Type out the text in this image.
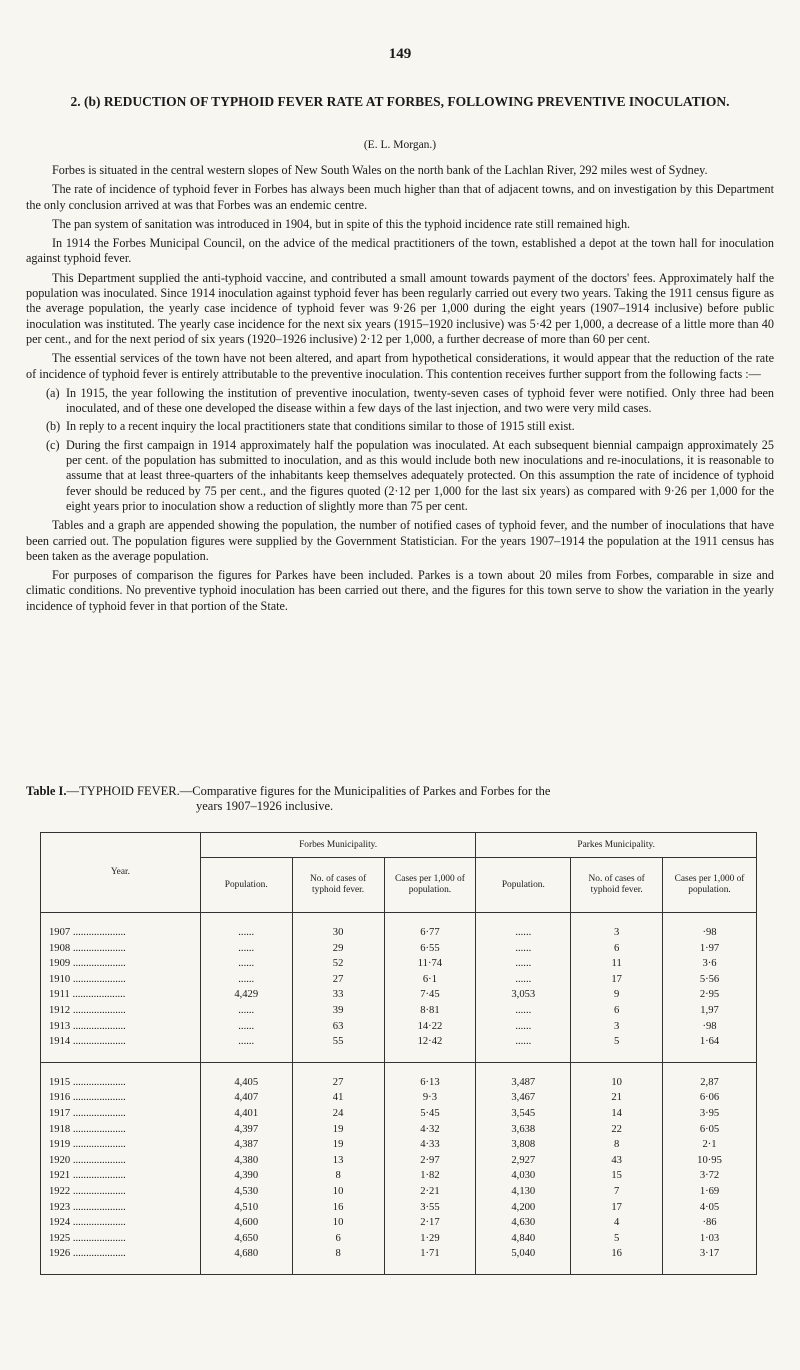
149
2. (b) REDUCTION OF TYPHOID FEVER RATE AT FORBES, FOLLOWING PREVENTIVE INOCULATION.
(E. L. Morgan.)

Forbes is situated in the central western slopes of New South Wales on the north bank of the Lachlan River, 292 miles west of Sydney.

The rate of incidence of typhoid fever in Forbes has always been much higher than that of adjacent towns, and on investigation by this Department the only conclusion arrived at was that Forbes was an endemic centre.

The pan system of sanitation was introduced in 1904, but in spite of this the typhoid incidence rate still remained high.

In 1914 the Forbes Municipal Council, on the advice of the medical practitioners of the town, established a depot at the town hall for inoculation against typhoid fever.

This Department supplied the anti-typhoid vaccine, and contributed a small amount towards payment of the doctors' fees. Approximately half the population was inoculated. Since 1914 inoculation against typhoid fever has been regularly carried out every two years. Taking the 1911 census figure as the average population, the yearly case incidence of typhoid fever was 9·26 per 1,000 during the eight years (1907–1914 inclusive) before public inoculation was instituted. The yearly case incidence for the next six years (1915–1920 inclusive) was 5·42 per 1,000, a decrease of a little more than 40 per cent., and for the next period of six years (1920–1926 inclusive) 2·12 per 1,000, a further decrease of more than 60 per cent.

The essential services of the town have not been altered, and apart from hypothetical considerations, it would appear that the reduction of the rate of incidence of typhoid fever is entirely attributable to the preventive inoculation. This contention receives further support from the following facts :—

(a) In 1915, the year following the institution of preventive inoculation, twenty-seven cases of typhoid fever were notified. Only three had been inoculated, and of these one developed the disease within a few days of the last injection, and two were very mild cases.
(b) In reply to a recent inquiry the local practitioners state that conditions similar to those of 1915 still exist.
(c) During the first campaign in 1914 approximately half the population was inoculated. At each subsequent biennial campaign approximately 25 per cent. of the population has submitted to inoculation, and as this would include both new inoculations and re-inoculations, it is reasonable to assume that at least three-quarters of the inhabitants keep themselves adequately protected. On this assumption the rate of incidence of typhoid fever should be reduced by 75 per cent., and the figures quoted (2·12 per 1,000 for the last six years) as compared with 9·26 per 1,000 for the eight years prior to inoculation show a reduction of slightly more than 75 per cent.

Tables and a graph are appended showing the population, the number of notified cases of typhoid fever, and the number of inoculations that have been carried out. The population figures were supplied by the Government Statistician. For the years 1907–1914 the population at the 1911 census has been taken as the average population.

For purposes of comparison the figures for Parkes have been included. Parkes is a town about 20 miles from Forbes, comparable in size and climatic conditions. No preventive typhoid inoculation has been carried out there, and the figures for this town serve to show the variation in the yearly incidence of typhoid fever in that portion of the State.

Table I.—TYPHOID FEVER.—Comparative figures for the Municipalities of Parkes and Forbes for the
years 1907–1926 inclusive.
Year.	Forbes Municipality.			Parkes Municipality.		
	Population.	No. of cases of typhoid fever.	Cases per 1,000 of population.	Population.	No. of cases of typhoid fever.	Cases per 1,000 of population.

1907 ....................	......	30	6·77	......	3	·98
1908 ....................	......	29	6·55	......	6	1·97
1909 ....................	......	52	11·74	......	11	3·6
1910 ....................	......	27	6·1	......	17	5·56
1911 ....................	4,429	33	7·45	3,053	9	2·95
1912 ....................	......	39	8·81	......	6	1,97
1913 ....................	......	63	14·22	......	3	·98
1914 ....................	......	55	12·42	......	5	1·64

1915 ....................	4,405	27	6·13	3,487	10	2,87
1916 ....................	4,407	41	9·3	3,467	21	6·06
1917 ....................	4,401	24	5·45	3,545	14	3·95
1918 ....................	4,397	19	4·32	3,638	22	6·05
1919 ....................	4,387	19	4·33	3,808	8	2·1
1920 ....................	4,380	13	2·97	2,927	43	10·95
1921 ....................	4,390	8	1·82	4,030	15	3·72
1922 ....................	4,530	10	2·21	4,130	7	1·69
1923 ....................	4,510	16	3·55	4,200	17	4·05
1924 ....................	4,600	10	2·17	4,630	4	·86
1925 ....................	4,650	6	1·29	4,840	5	1·03
1926 ....................	4,680	8	1·71	5,040	16	3·17
